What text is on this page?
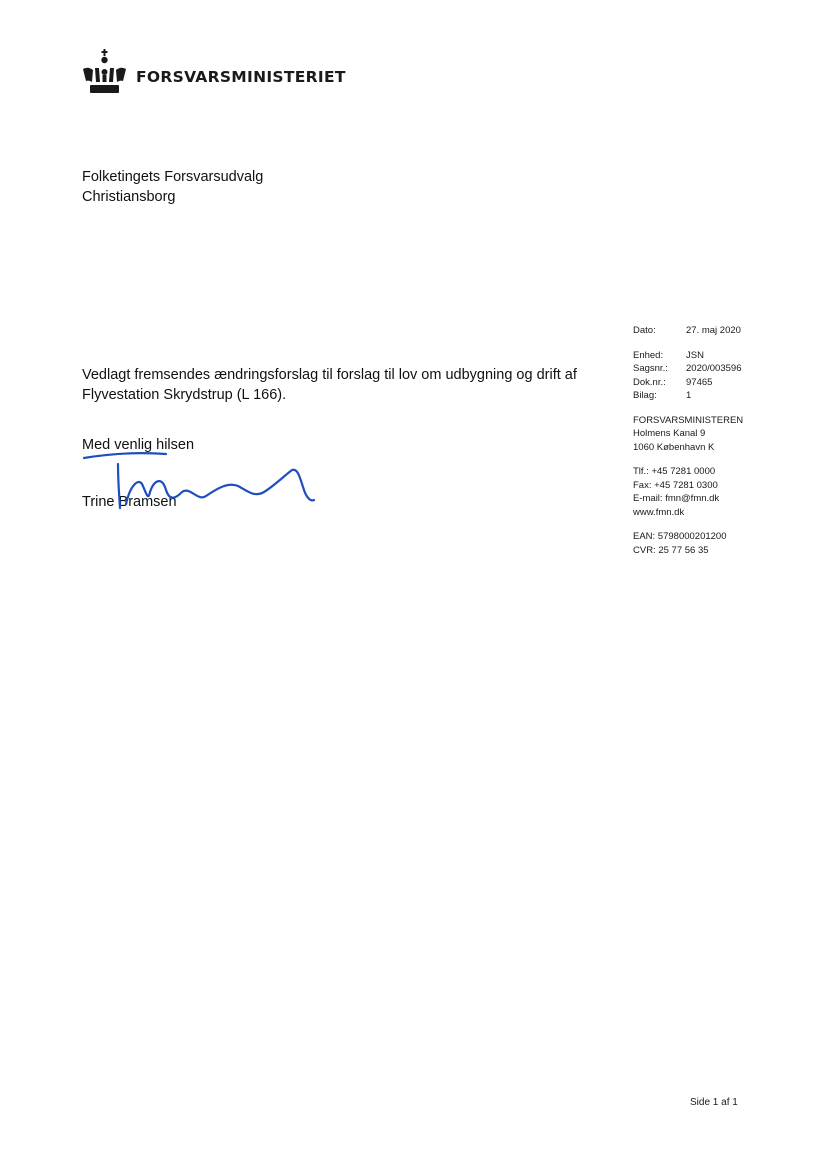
FORSVARSMINISTERIET
Folketingets Forsvarsudvalg
Christiansborg
Vedlagt fremsendes ændringsforslag til forslag til lov om udbygning og drift af Flyvestation Skrydstrup (L 166).
Med venlig hilsen
Trine Bramsen
Dato:	27. maj 2020
Enhed:	JSN
Sagsnr.:	2020/003596
Dok.nr.:	97465
Bilag:	1
FORSVARSMINISTEREN
Holmens Kanal 9
1060 København K
Tlf.: +45 7281 0000
Fax: +45 7281 0300
E-mail: fmn@fmn.dk
www.fmn.dk
EAN: 5798000201200
CVR: 25 77 56 35
Side 1 af 1
